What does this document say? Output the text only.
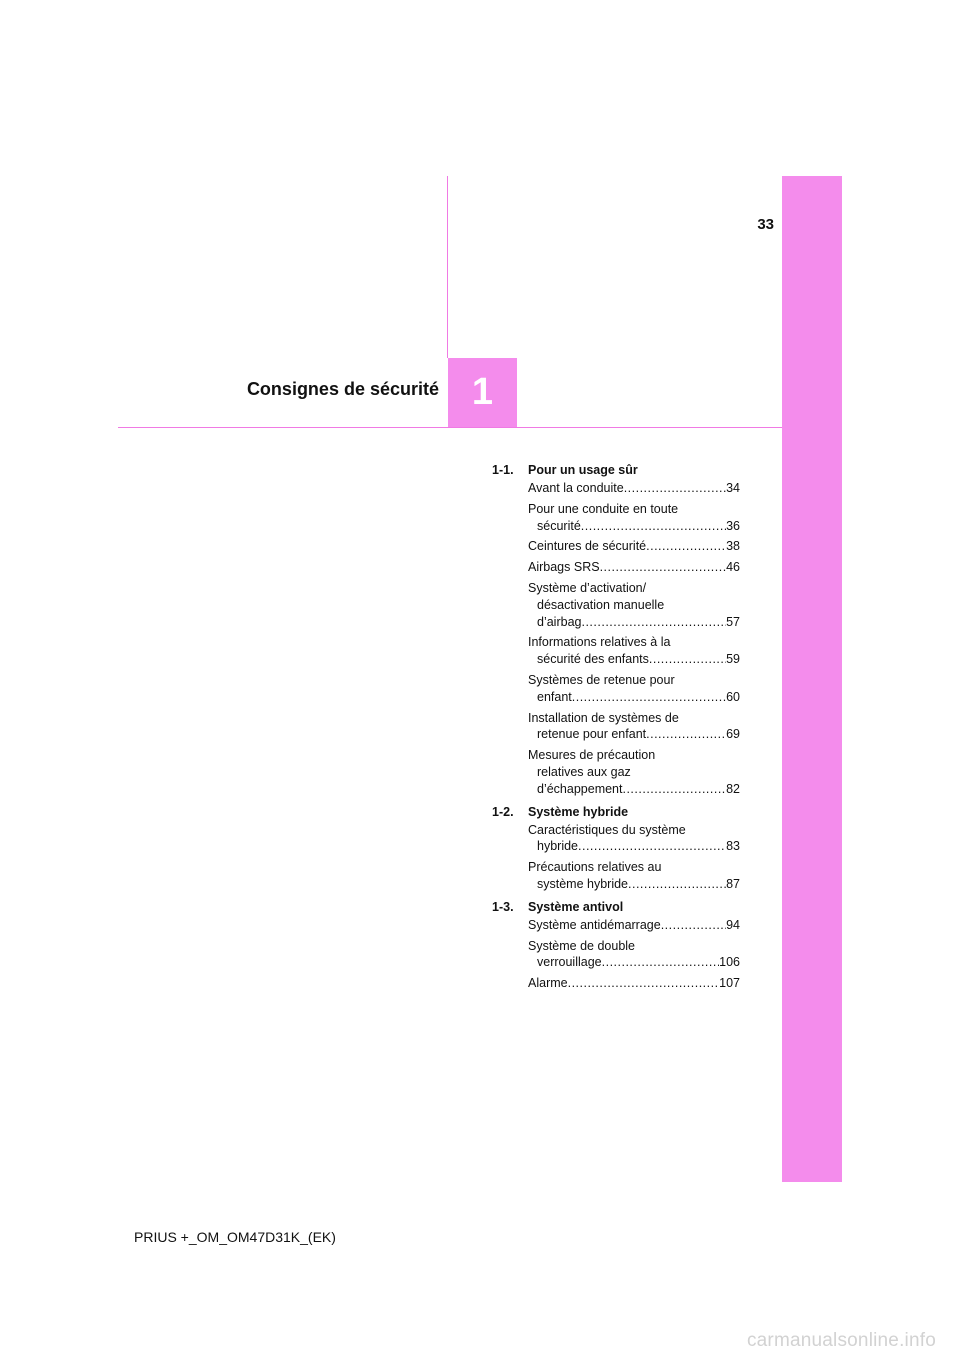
33
Consignes de sécurité 1
1-1.	Pour un usage sûr
Avant la conduite .....	34
Pour une conduite en toute
sécurité .....	36
Ceintures de sécurité .....	38
Airbags SRS .....	46
Système d’activation/
désactivation manuelle
d’airbag .....	57
Informations relatives à la
sécurité des enfants .....	59
Systèmes de retenue pour
enfant .....	60
Installation de systèmes de
retenue pour enfant .....	69
Mesures de précaution
relatives aux gaz
d’échappement .....	82
1-2.	Système hybride
Caractéristiques du système
hybride .....	83
Précautions relatives au
système hybride .....	87
1-3.	Système antivol
Système antidémarrage .....	94
Système de double
verrouillage .....	106
Alarme .....	107
PRIUS +_OM_OM47D31K_(EK)
carmanualsonline.info
